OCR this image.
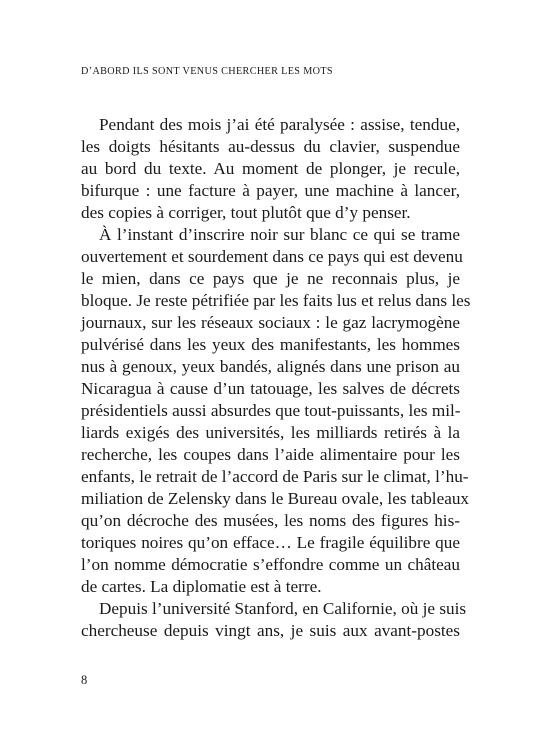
D’ABORD ILS SONT VENUS CHERCHER LES MOTS
Pendant des mois j’ai été paralysée : assise, tendue,
les doigts hésitants au-dessus du clavier, suspendue
au bord du texte. Au moment de plonger, je recule,
bifurque : une facture à payer, une machine à lancer,
des copies à corriger, tout plutôt que d’y penser.
À l’instant d’inscrire noir sur blanc ce qui se trame
ouvertement et sourdement dans ce pays qui est devenu
le mien, dans ce pays que je ne reconnais plus, je
bloque. Je reste pétrifiée par les faits lus et relus dans les
journaux, sur les réseaux sociaux : le gaz lacrymogène
pulvérisé dans les yeux des manifestants, les hommes
nus à genoux, yeux bandés, alignés dans une prison au
Nicaragua à cause d’un tatouage, les salves de décrets
présidentiels aussi absurdes que tout-puissants, les mil-
liards exigés des universités, les milliards retirés à la
recherche, les coupes dans l’aide alimentaire pour les
enfants, le retrait de l’accord de Paris sur le climat, l’hu-
miliation de Zelensky dans le Bureau ovale, les tableaux
qu’on décroche des musées, les noms des figures his-
toriques noires qu’on efface… Le fragile équilibre que
l’on nomme démocratie s’effondre comme un château
de cartes. La diplomatie est à terre.
Depuis l’université Stanford, en Californie, où je suis
chercheuse depuis vingt ans, je suis aux avant-postes
8
